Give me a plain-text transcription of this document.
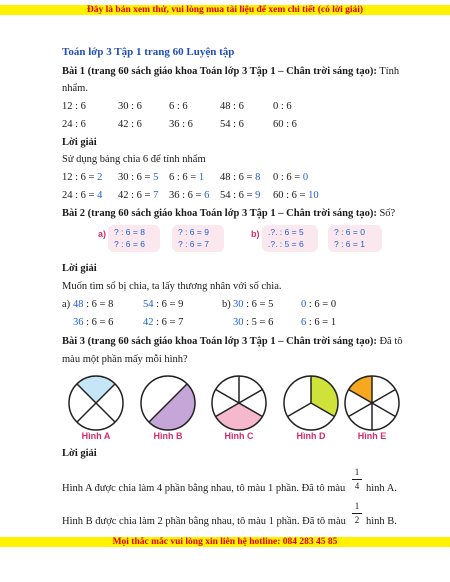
Đây là bản xem thử, vui lòng mua tài liệu để xem chi tiết (có lời giải)
Toán lớp 3 Tập 1 trang 60 Luyện tập
Bài 1 (trang 60 sách giáo khoa Toán lớp 3 Tập 1 – Chân trời sáng tạo): Tính
nhẩm.
12 : 6	30 : 6	6 : 6	48 : 6	0 : 6
24 : 6	42 : 6	36 : 6	54 : 6	60 : 6
Lời giải
Sử dụng bảng chia 6 để tính nhẩm
12 : 6 = 2 30 : 6 = 5 6 : 6 = 1 48 : 6 = 8 0 : 6 = 0
24 : 6 = 4 42 : 6 = 7 36 : 6 = 6 54 : 6 = 9 60 : 6 = 10
Bài 2 (trang 60 sách giáo khoa Toán lớp 3 Tập 1 – Chân trời sáng tạo): Số?
a) ? : 6 = 8
? : 6 = 6
? : 6 = 9
? : 6 = 7
b) .?. : 6 = 5
.?. : 5 = 6
? : 6 = 0
? : 6 = 1
Lời giải
Muốn tìm số bị chia, ta lấy thương nhân với số chia.
a) 48 : 6 = 8	54 : 6 = 9	b) 30 : 6 = 5	0 : 6 = 0
36 : 6 = 6	42 : 6 = 7	30 : 5 = 6	6 : 6 = 1
Bài 3 (trang 60 sách giáo khoa Toán lớp 3 Tập 1 – Chân trời sáng tạo): Đã tô
màu một phần mấy mỗi hình?
Hình A	Hình B	Hình C	Hình D	Hình E
Lời giải
Hình A được chia làm 4 phần bằng nhau, tô màu 1 phần. Đã tô màu
1
4 hình A.
Hình B được chia làm 2 phần bằng nhau, tô màu 1 phần. Đã tô màu
1
2 hình B.
Mọi thắc mắc vui lòng xin liên hệ hotline: 084 283 45 85
